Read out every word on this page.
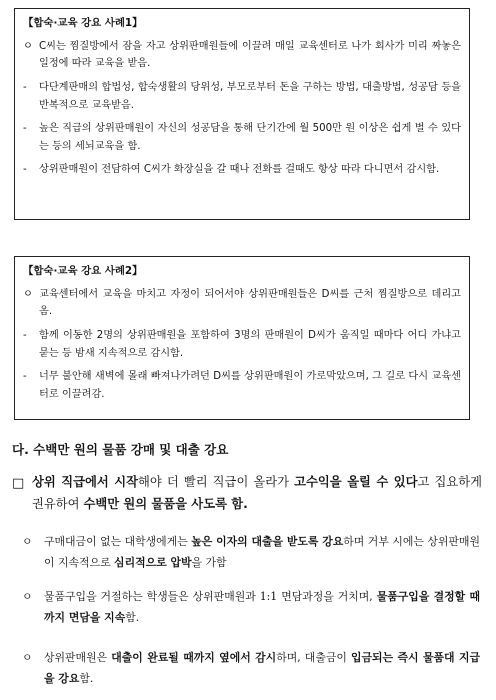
【합숙·교육 강요 사례1】
ㅇ C씨는 찜질방에서 잠을 자고 상위판매원들에 이끌려 매일 교육센터로 나가 회사가 미리 짜놓은 일정에 따라 교육을 받음.
-	다단계판매의 합법성, 합숙생활의 당위성, 부모로부터 돈을 구하는 방법, 대출방법, 성공담 등을 반복적으로 교육받음.
-	높은 직급의 상위판매원이 자신의 성공담을 통해 단기간에 월 500만 원 이상은 쉽게 벌 수 있다는 등의 세뇌교육을 함.
-	상위판매원이 전담하여 C씨가 화장실을 갈 때나 전화를 걸때도 항상 따라 다니면서 감시함.
【합숙·교육 강요 사례2】
ㅇ 교육센터에서 교육을 마치고 자정이 되어서야 상위판매원들은 D씨를 근처 찜질방으로 데리고 옴.
-	함께 이동한 2명의 상위판매원을 포함하여 3명의 판매원이 D씨가 움직일 때마다 어디 가냐고 묻는 등 밤새 지속적으로 감시함.
-	너무 불안해 새벽에 몰래 빠져나가려던 D씨를 상위판매원이 가로막았으며, 그 길로 다시 교육센터로 이끌려감.
다. 수백만 원의 물품 강매 및 대출 강요
□ 상위 직급에서 시작해야 더 빨리 직급이 올라가 고수익을 올릴 수 있다고 집요하게 권유하여 수백만 원의 물품을 사도록 함.
ㅇ	구매대금이 없는 대학생에게는 높은 이자의 대출을 받도록 강요하며 거부 시에는 상위판매원이 지속적으로 심리적으로 압박을 가함
ㅇ	물품구입을 거절하는 학생들은 상위판매원과 1:1 면담과정을 거치며, 물품구입을 결정할 때까지 면담을 지속함.
ㅇ	상위판매원은 대출이 완료될 때까지 옆에서 감시하며, 대출금이 입금되는 즉시 물품대 지급을 강요함.
